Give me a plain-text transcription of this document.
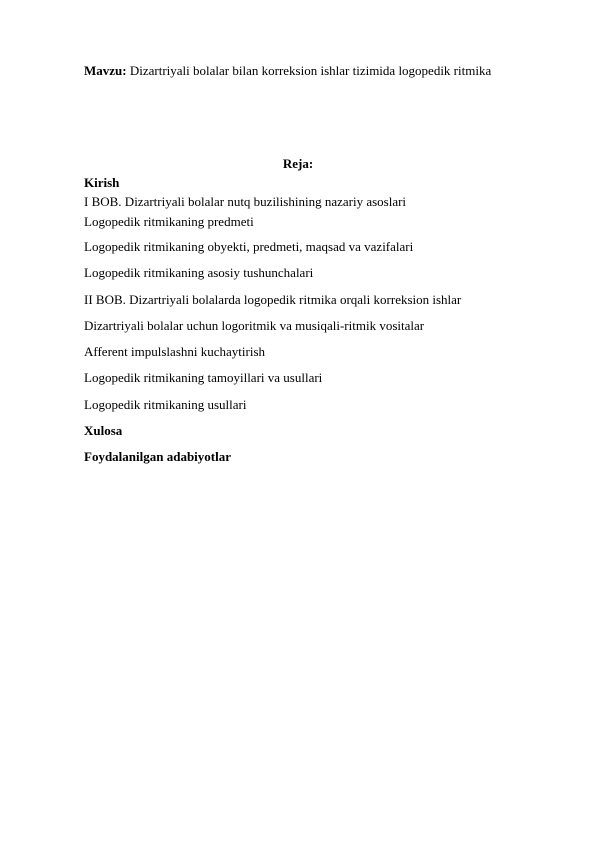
Mavzu: Dizartriyali bolalar bilan korreksion ishlar tizimida logopedik ritmika
Reja:
Kirish
I BOB. Dizartriyali bolalar nutq buzilishining nazariy asoslari
Logopedik ritmikaning predmeti
Logopedik ritmikaning obyekti, predmeti, maqsad va vazifalari
Logopedik ritmikaning asosiy tushunchalari
II BOB. Dizartriyali bolalarda logopedik ritmika orqali korreksion ishlar
Dizartriyali bolalar uchun logoritmik va musiqali-ritmik vositalar
Afferent impulslashni kuchaytirish
Logopedik ritmikaning tamoyillari va usullari
Logopedik ritmikaning usullari
Xulosa
Foydalanilgan adabiyotlar
